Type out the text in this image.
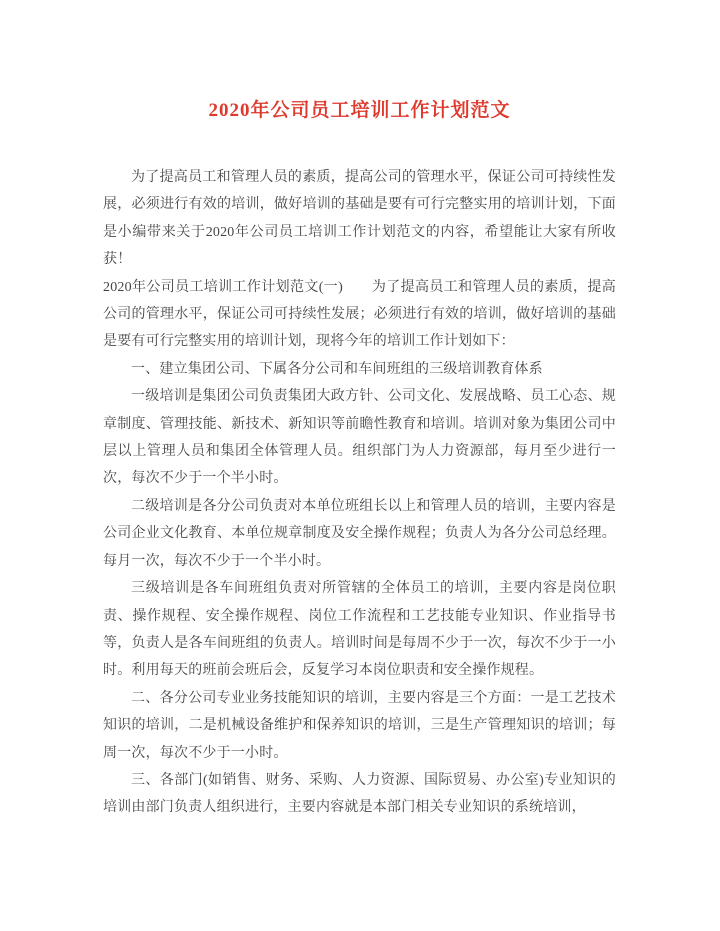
2020年公司员工培训工作计划范文

为了提高员工和管理人员的素质，提高公司的管理水平，保证公司可持续性发展，必须进行有效的培训，做好培训的基础是要有可行完整实用的培训计划，下面是小编带来关于2020年公司员工培训工作计划范文的内容，希望能让大家有所收获！

2020年公司员工培训工作计划范文(一)　　为了提高员工和管理人员的素质，提高公司的管理水平，保证公司可持续性发展；必须进行有效的培训，做好培训的基础是要有可行完整实用的培训计划，现将今年的培训工作计划如下：

一、建立集团公司、下属各分公司和车间班组的三级培训教育体系

一级培训是集团公司负责集团大政方针、公司文化、发展战略、员工心态、规章制度、管理技能、新技术、新知识等前瞻性教育和培训。培训对象为集团公司中层以上管理人员和集团全体管理人员。组织部门为人力资源部，每月至少进行一次，每次不少于一个半小时。

二级培训是各分公司负责对本单位班组长以上和管理人员的培训，主要内容是公司企业文化教育、本单位规章制度及安全操作规程；负责人为各分公司总经理。每月一次，每次不少于一个半小时。

三级培训是各车间班组负责对所管辖的全体员工的培训，主要内容是岗位职责、操作规程、安全操作规程、岗位工作流程和工艺技能专业知识、作业指导书等，负责人是各车间班组的负责人。培训时间是每周不少于一次，每次不少于一小时。利用每天的班前会班后会，反复学习本岗位职责和安全操作规程。

二、各分公司专业业务技能知识的培训，主要内容是三个方面：一是工艺技术知识的培训，二是机械设备维护和保养知识的培训，三是生产管理知识的培训；每周一次，每次不少于一小时。

三、各部门(如销售、财务、采购、人力资源、国际贸易、办公室)专业知识的培训由部门负责人组织进行，主要内容就是本部门相关专业知识的系统培训，
